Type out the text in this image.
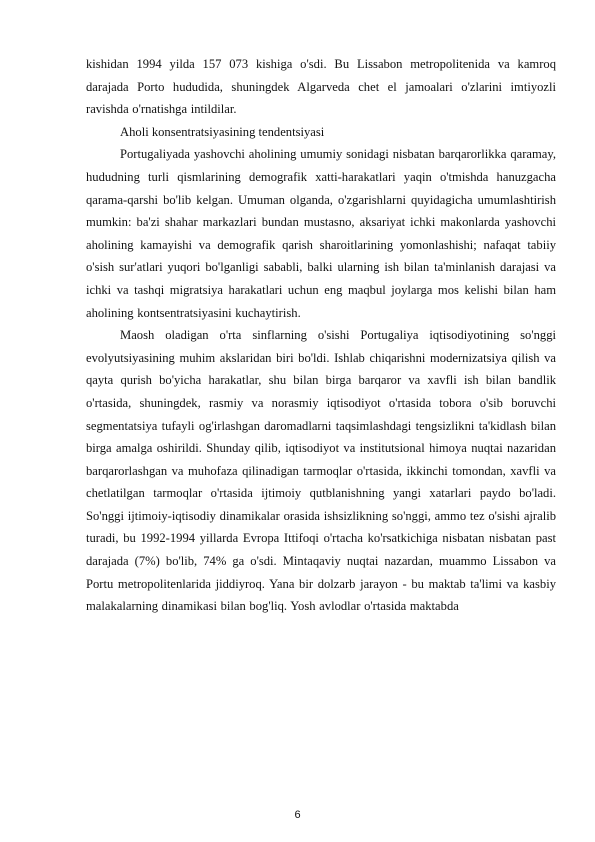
kishidan 1994 yilda 157 073 kishiga o'sdi. Bu Lissabon metropolitenida va kamroq darajada Porto hududida, shuningdek Algarveda chet el jamoalari o'zlarini imtiyozli ravishda o'rnatishga intildilar.

Aholi konsentratsiyasining tendentsiyasi

Portugaliyada yashovchi aholining umumiy sonidagi nisbatan barqarorlikka qaramay, hududning turli qismlarining demografik xatti-harakatlari yaqin o'tmishda hanuzgacha qarama-qarshi bo'lib kelgan. Umuman olganda, o'zgarishlarni quyidagicha umumlashtirish mumkin: ba'zi shahar markazlari bundan mustasno, aksariyat ichki makonlarda yashovchi aholining kamayishi va demografik qarish sharoitlarining yomonlashishi; nafaqat tabiiy o'sish sur'atlari yuqori bo'lganligi sababli, balki ularning ish bilan ta'minlanish darajasi va ichki va tashqi migratsiya harakatlari uchun eng maqbul joylarga mos kelishi bilan ham aholining kontsentratsiyasini kuchaytirish.

Maosh oladigan o'rta sinflarning o'sishi Portugaliya iqtisodiyotining so'nggi evolyutsiyasining muhim akslaridan biri bo'ldi. Ishlab chiqarishni modernizatsiya qilish va qayta qurish bo'yicha harakatlar, shu bilan birga barqaror va xavfli ish bilan bandlik o'rtasida, shuningdek, rasmiy va norasmiy iqtisodiyot o'rtasida tobora o'sib boruvchi segmentatsiya tufayli og'irlashgan daromadlarni taqsimlashdagi tengsizlikni ta'kidlash bilan birga amalga oshirildi. Shunday qilib, iqtisodiyot va institutsional himoya nuqtai nazaridan barqarorlashgan va muhofaza qilinadigan tarmoqlar o'rtasida, ikkinchi tomondan, xavfli va chetlatilgan tarmoqlar o'rtasida ijtimoiy qutblanishning yangi xatarlari paydo bo'ladi. So'nggi ijtimoiy-iqtisodiy dinamikalar orasida ishsizlikning so'nggi, ammo tez o'sishi ajralib turadi, bu 1992-1994 yillarda Evropa Ittifoqi o'rtacha ko'rsatkichiga nisbatan nisbatan past darajada (7%) bo'lib, 74% ga o'sdi. Mintaqaviy nuqtai nazardan, muammo Lissabon va Portu metropolitenlarida jiddiyroq. Yana bir dolzarb jarayon - bu maktab ta'limi va kasbiy malakalarning dinamikasi bilan bog'liq. Yosh avlodlar o'rtasida maktabda

6
